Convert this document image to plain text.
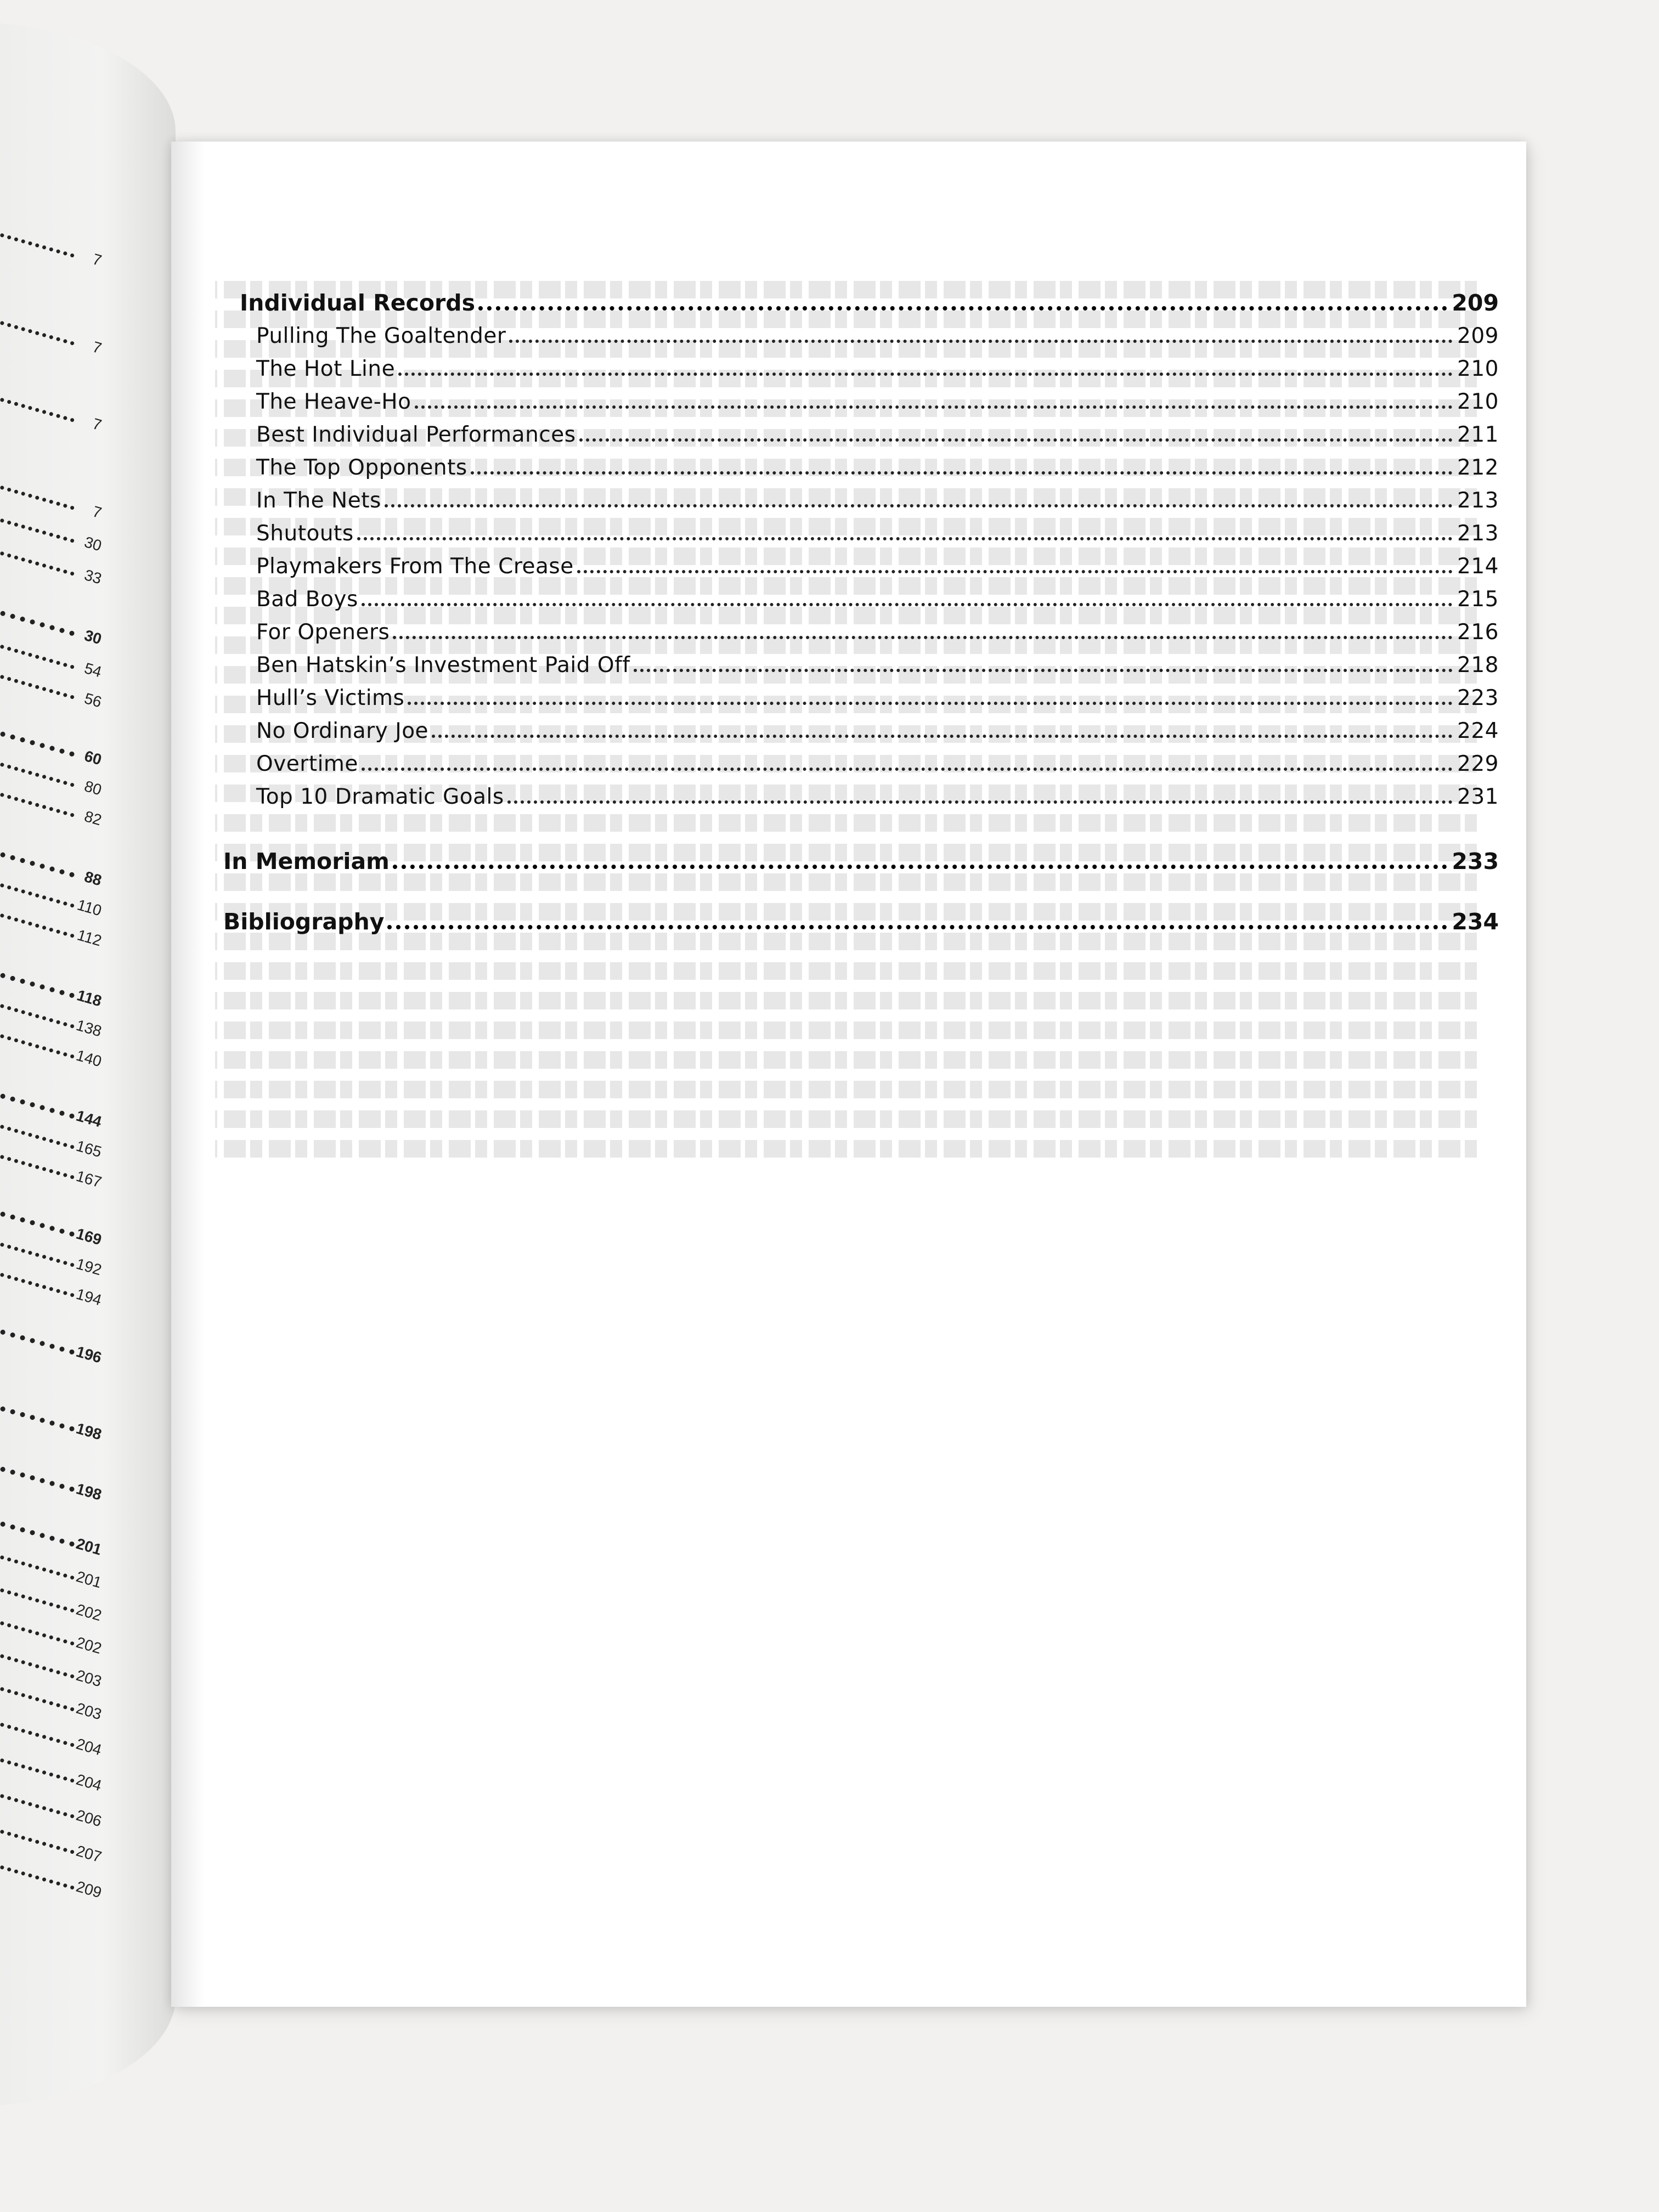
7
7
7
7
30
33
30
54
56
60
80
82
88
110
112
118
138
140
144
165
167
169
192
194
196
198
198
201
201
202
202
203
203
204
204
206
207
209

Individual Records	209
Pulling The Goaltender	209
The Hot Line	210
The Heave-Ho	210
Best Individual Performances	211
The Top Opponents	212
In The Nets	213
Shutouts	213
Playmakers From The Crease	214
Bad Boys	215
For Openers	216
Ben Hatskin’s Investment Paid Off	218
Hull’s Victims	223
No Ordinary Joe	224
Overtime	229
Top 10 Dramatic Goals	231
In Memoriam	233
Bibliography	234
